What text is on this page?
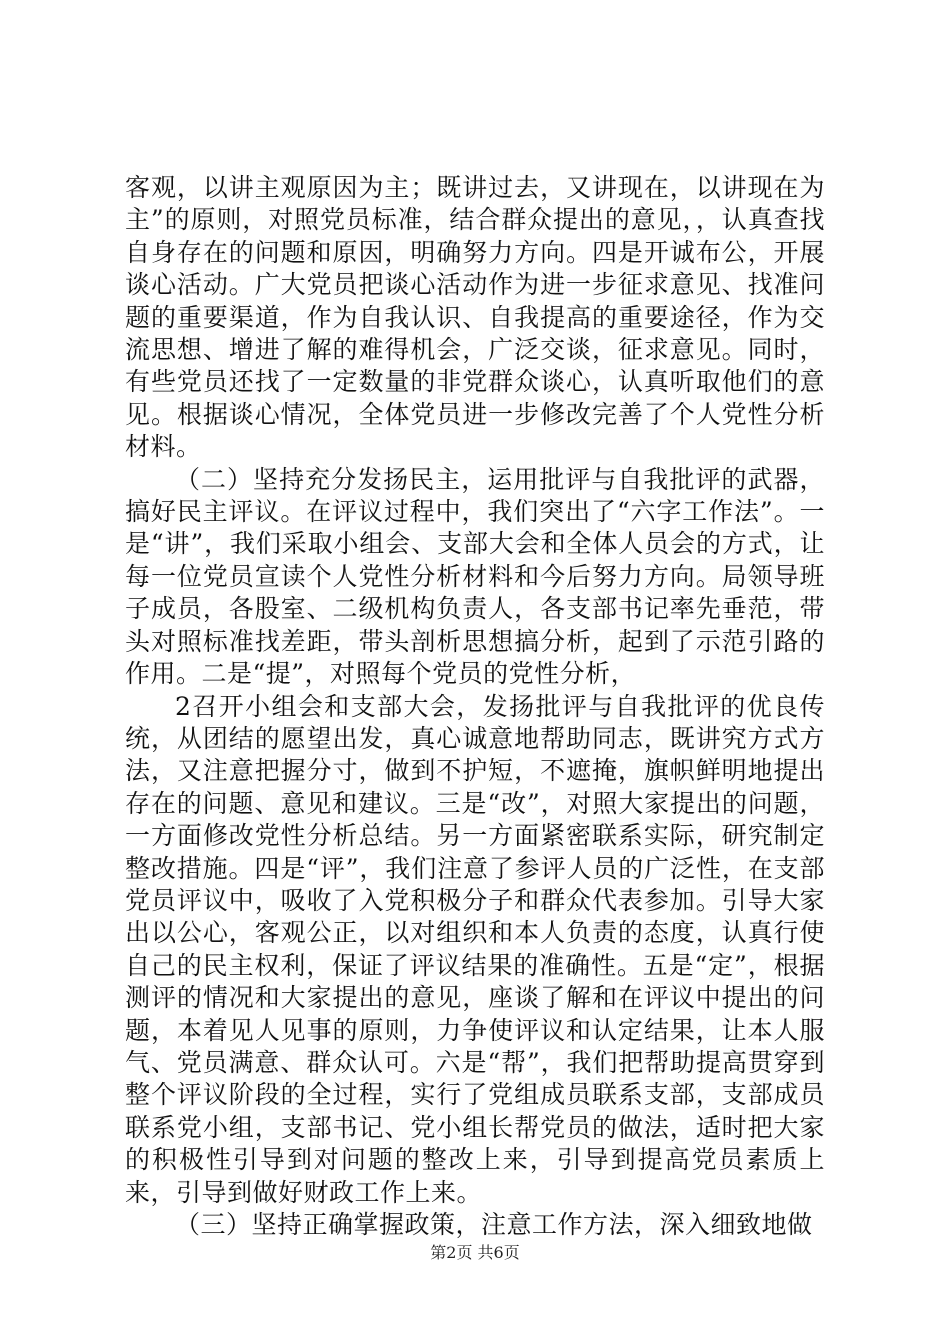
客观，以讲主观原因为主；既讲过去，又讲现在，以讲现在为主”的原则，对照党员标准，结合群众提出的意见，，认真查找自身存在的问题和原因，明确努力方向。四是开诚布公，开展谈心活动。广大党员把谈心活动作为进一步征求意见、找准问题的重要渠道，作为自我认识、自我提高的重要途径，作为交流思想、增进了解的难得机会，广泛交谈，征求意见。同时，有些党员还找了一定数量的非党群众谈心，认真听取他们的意见。根据谈心情况，全体党员进一步修改完善了个人党性分析材料。

（二）坚持充分发扬民主，运用批评与自我批评的武器，搞好民主评议。在评议过程中，我们突出了“六字工作法”。一是“讲”，我们采取小组会、支部大会和全体人员会的方式，让每一位党员宣读个人党性分析材料和今后努力方向。局领导班子成员，各股室、二级机构负责人，各支部书记率先垂范，带头对照标准找差距，带头剖析思想搞分析，起到了示范引路的作用。二是“提”，对照每个党员的党性分析，

2召开小组会和支部大会，发扬批评与自我批评的优良传统，从团结的愿望出发，真心诚意地帮助同志，既讲究方式方法，又注意把握分寸，做到不护短，不遮掩，旗帜鲜明地提出存在的问题、意见和建议。三是“改”，对照大家提出的问题，一方面修改党性分析总结。另一方面紧密联系实际，研究制定整改措施。四是“评”，我们注意了参评人员的广泛性，在支部党员评议中，吸收了入党积极分子和群众代表参加。引导大家出以公心，客观公正，以对组织和本人负责的态度，认真行使自己的民主权利，保证了评议结果的准确性。五是“定”，根据测评的情况和大家提出的意见，座谈了解和在评议中提出的问题，本着见人见事的原则，力争使评议和认定结果，让本人服气、党员满意、群众认可。六是“帮”，我们把帮助提高贯穿到整个评议阶段的全过程，实行了党组成员联系支部，支部成员联系党小组，支部书记、党小组长帮党员的做法，适时把大家的积极性引导到对问题的整改上来，引导到提高党员素质上来，引导到做好财政工作上来。

（三）坚持正确掌握政策，注意工作方法，深入细致地做

第2页 共6页
